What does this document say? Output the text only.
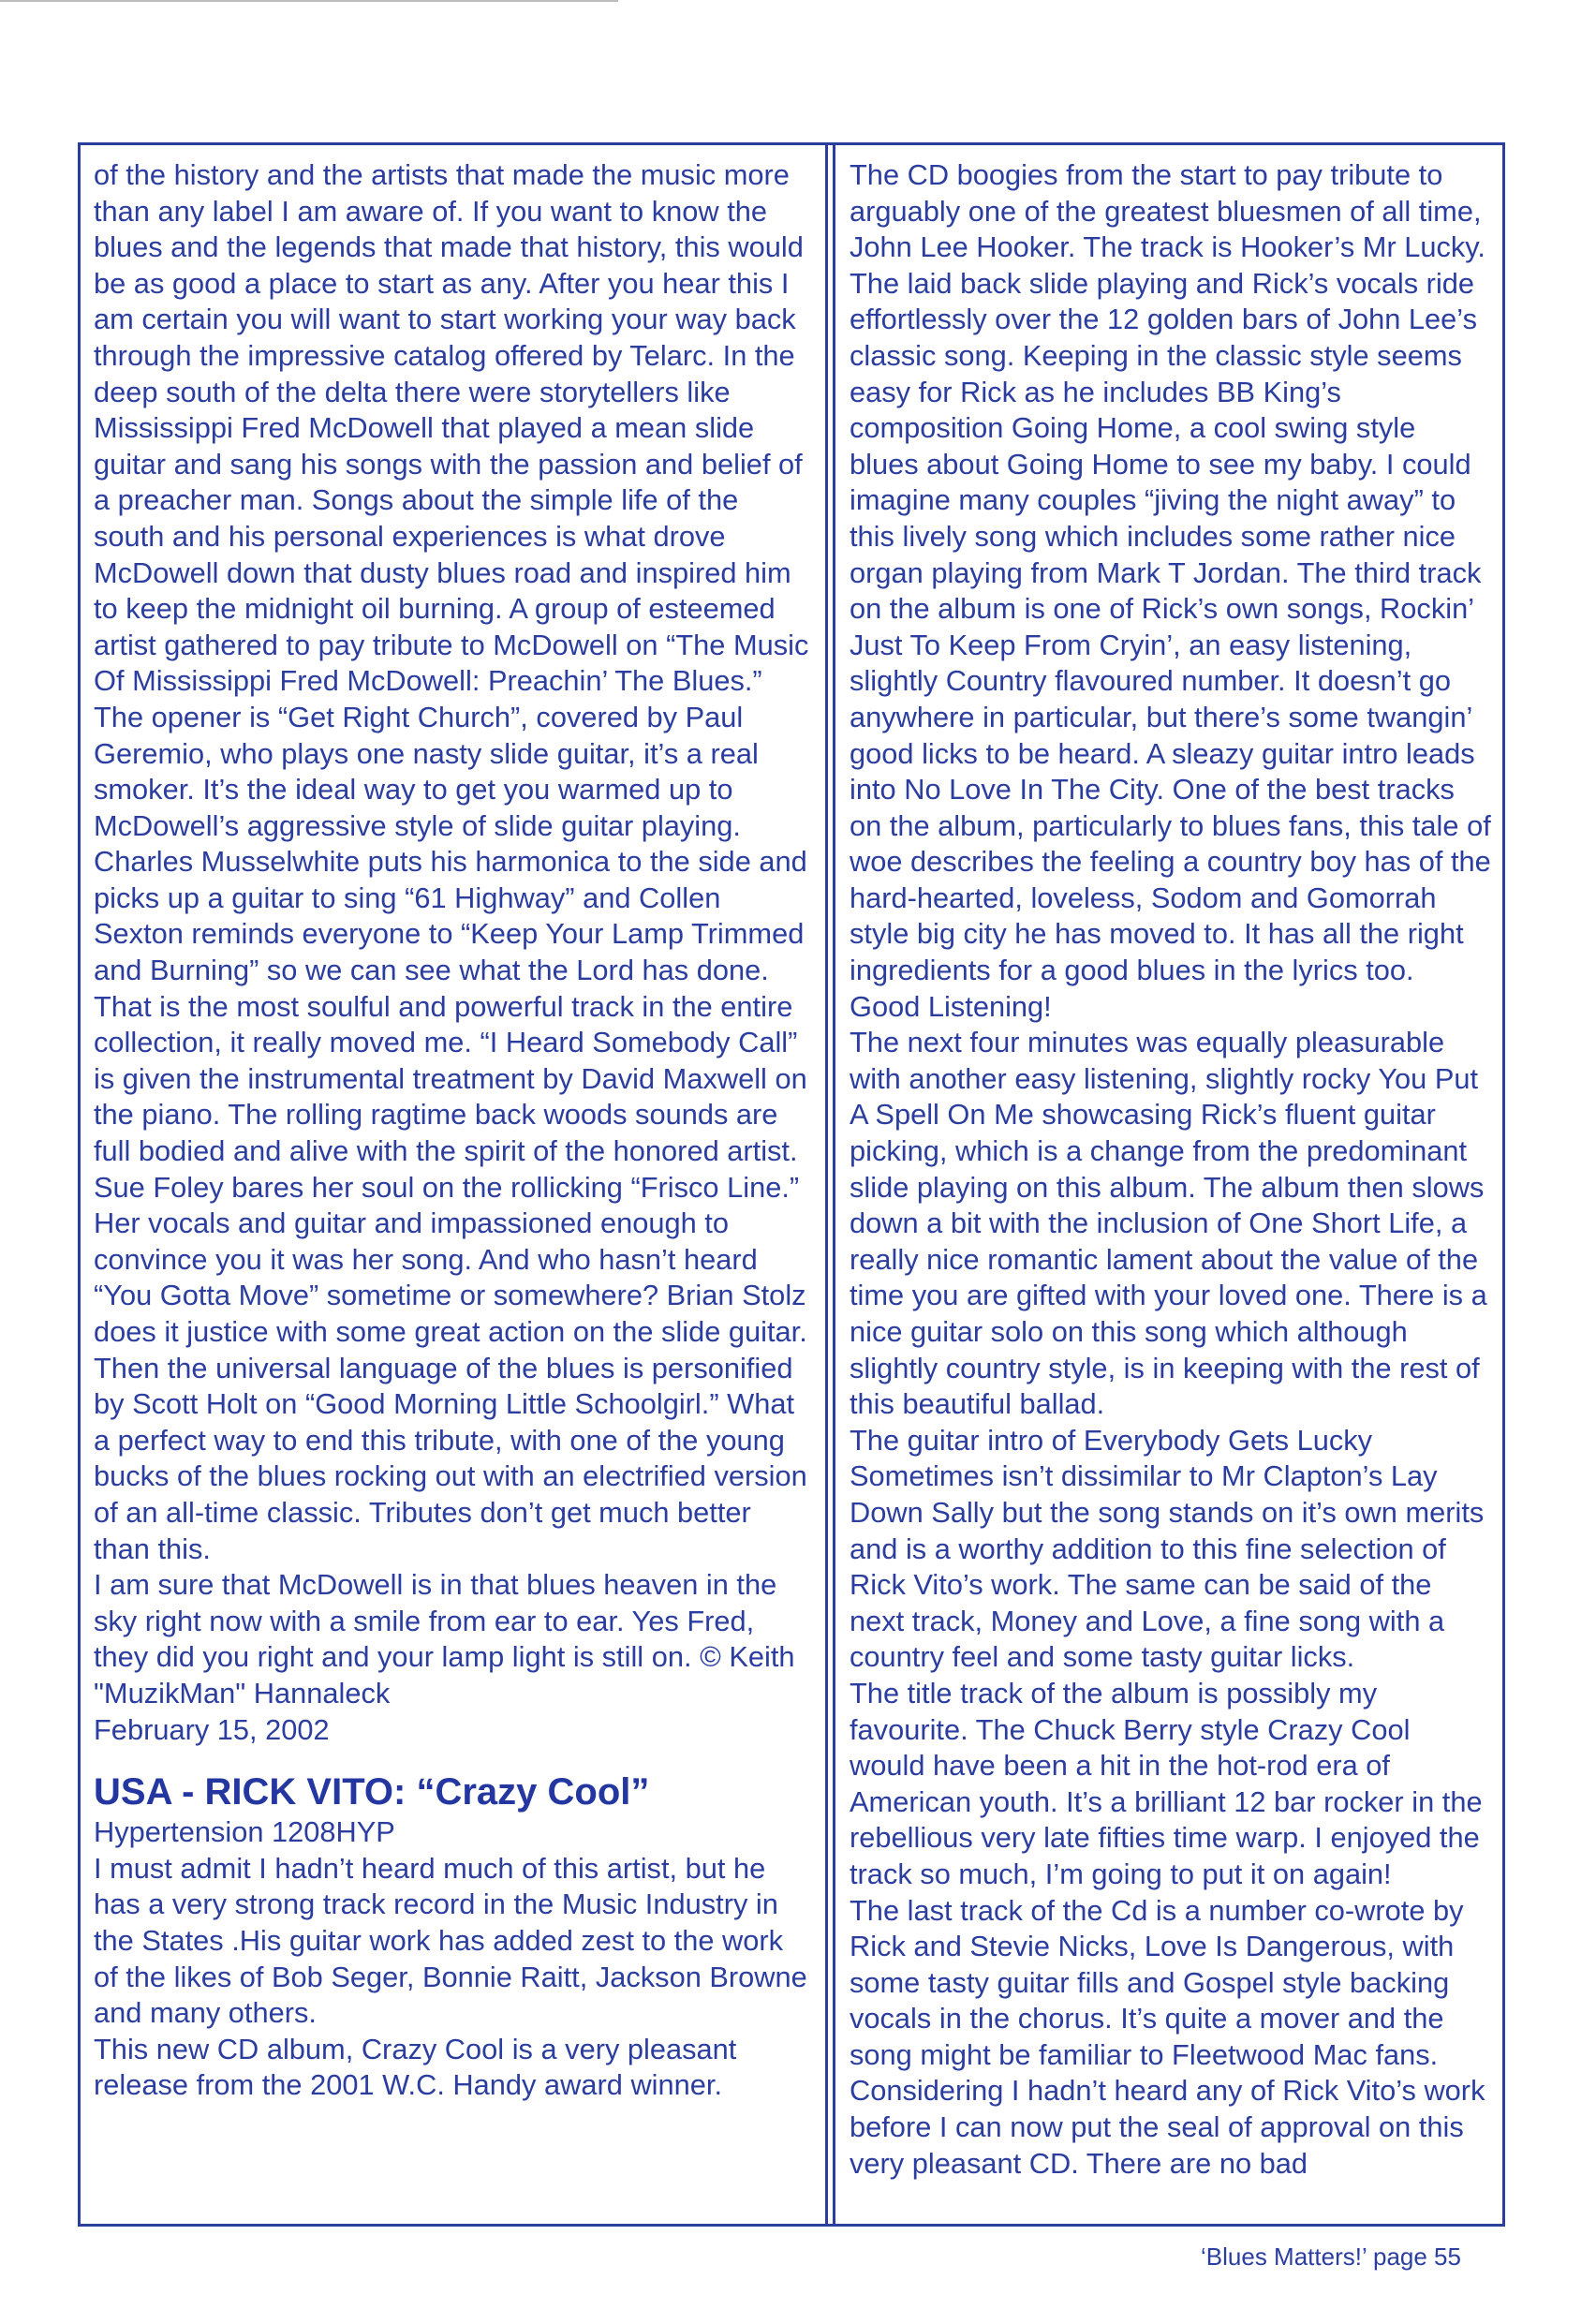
of the history and the artists that made the music more than any label I am aware of. If you want to know the blues and the legends that made that history, this would be as good a place to start as any. After you hear this I am certain you will want to start working your way back through the impressive catalog offered by Telarc. In the deep south of the delta there were storytellers like Mississippi Fred McDowell that played a mean slide guitar and sang his songs with the passion and belief of a preacher man. Songs about the simple life of the south and his personal experiences is what drove McDowell down that dusty blues road and inspired him to keep the midnight oil burning. A group of esteemed artist gathered to pay tribute to McDowell on “The Music Of Mississippi Fred McDowell: Preachin’ The Blues.”

The opener is “Get Right Church”, covered by Paul Geremio, who plays one nasty slide guitar, it’s a real smoker. It’s the ideal way to get you warmed up to McDowell’s aggressive style of slide guitar playing. Charles Musselwhite puts his harmonica to the side and picks up a guitar to sing “61 Highway” and Collen Sexton reminds everyone to “Keep Your Lamp Trimmed and Burning” so we can see what the Lord has done. That is the most soulful and powerful track in the entire collection, it really moved me. “I Heard Somebody Call” is given the instrumental treatment by David Maxwell on the piano. The rolling ragtime back woods sounds are full bodied and alive with the spirit of the honored artist. Sue Foley bares her soul on the rollicking “Frisco Line.” Her vocals and guitar and impassioned enough to convince you it was her song. And who hasn’t heard “You Gotta Move” sometime or somewhere? Brian Stolz does it justice with some great action on the slide guitar. Then the universal language of the blues is personified by Scott Holt on “Good Morning Little Schoolgirl.” What a perfect way to end this tribute, with one of the young bucks of the blues rocking out with an electrified version of an all-time classic. Tributes don’t get much better than this.

I am sure that McDowell is in that blues heaven in the sky right now with a smile from ear to ear. Yes Fred, they did you right and your lamp light is still on. © Keith "MuzikMan" Hannaleck

February 15, 2002

USA - RICK VITO: “Crazy Cool”

Hypertension 1208HYP

I must admit I hadn’t heard much of this artist, but he has a very strong track record in the Music Industry in the States .His guitar work has added zest to the work of the likes of Bob Seger, Bonnie Raitt, Jackson Browne and many others.

This new CD album, Crazy Cool is a very pleasant release from the 2001 W.C. Handy award winner.

The CD boogies from the start to pay tribute to arguably one of the greatest bluesmen of all time, John Lee Hooker. The track is Hooker’s Mr Lucky. The laid back slide playing and Rick’s vocals ride effortlessly over the 12 golden bars of John Lee’s classic song. Keeping in the classic style seems easy for Rick as he includes BB King’s composition Going Home, a cool swing style blues about Going Home to see my baby. I could imagine many couples “jiving the night away” to this lively song which includes some rather nice organ playing from Mark T Jordan. The third track on the album is one of Rick’s own songs, Rockin’ Just To Keep From Cryin’, an easy listening, slightly Country flavoured number. It doesn’t go anywhere in particular, but there’s some twangin’ good licks to be heard. A sleazy guitar intro leads into No Love In The City. One of the best tracks on the album, particularly to blues fans, this tale of woe describes the feeling a country boy has of the hard-hearted, loveless, Sodom and Gomorrah style big city he has moved to. It has all the right ingredients for a good blues in the lyrics too. Good Listening!

The next four minutes was equally pleasurable with another easy listening, slightly rocky You Put A Spell On Me showcasing Rick’s fluent guitar picking, which is a change from the predominant slide playing on this album. The album then slows down a bit with the inclusion of One Short Life, a really nice romantic lament about the value of the time you are gifted with your loved one. There is a nice guitar solo on this song which although slightly country style, is in keeping with the rest of this beautiful ballad.

The guitar intro of Everybody Gets Lucky Sometimes isn’t dissimilar to Mr Clapton’s Lay Down Sally but the song stands on it’s own merits and is a worthy addition to this fine selection of Rick Vito’s work. The same can be said of the next track, Money and Love, a fine song with a country feel and some tasty guitar licks.

The title track of the album is possibly my favourite. The Chuck Berry style Crazy Cool would have been a hit in the hot-rod era of American youth. It’s a brilliant 12 bar rocker in the rebellious very late fifties time warp. I enjoyed the track so much, I’m going to put it on again!

The last track of the Cd is a number co-wrote by Rick and Stevie Nicks, Love Is Dangerous, with some tasty guitar fills and Gospel style backing vocals in the chorus. It’s quite a mover and the song might be familiar to Fleetwood Mac fans. Considering I hadn’t heard any of Rick Vito’s work before I can now put the seal of approval on this very pleasant CD. There are no bad

‘Blues Matters!’ page 55
